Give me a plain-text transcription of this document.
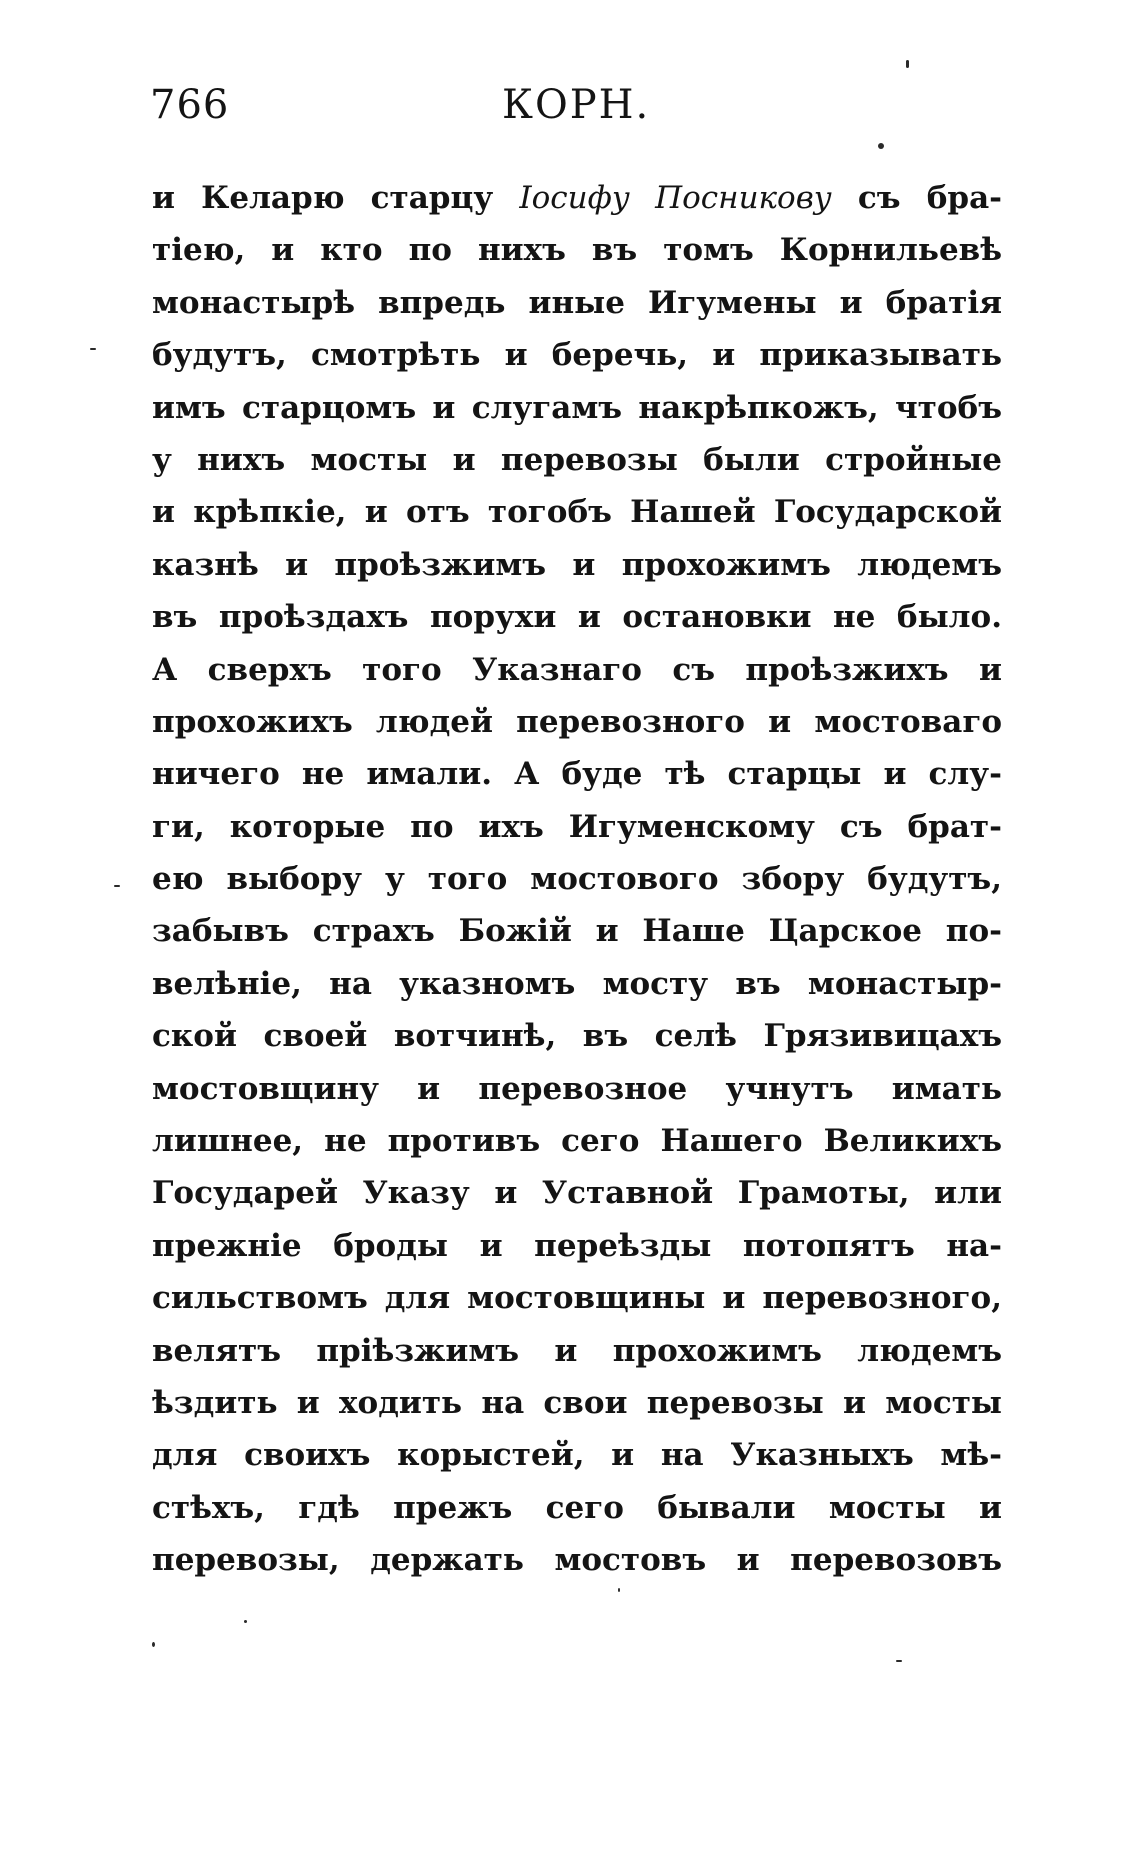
766	КОРН.
и Келарю старцу Іосифу Посникову съ бра-
тіею, и кто по нихъ въ томъ Корнильевѣ
монастырѣ впредь иные Игумены и братія
будутъ, смотрѣть и беречь, и приказывать
имъ старцомъ и слугамъ накрѣпкожъ, чтобъ
у нихъ мосты и перевозы были стройные
и крѣпкіе, и отъ тогобъ Нашей Государской
казнѣ и проѣзжимъ и прохожимъ людемъ
въ проѣздахъ порухи и остановки не было.
А сверхъ того Указнаго съ проѣзжихъ и
прохожихъ людей перевозного и мостоваго
ничего не имали. А буде тѣ старцы и слу-
ги, которые по ихъ Игуменскому съ брат-
ею выбору у того мостового збору будутъ,
забывъ страхъ Божій и Наше Царское по-
велѣніе, на указномъ мосту въ монастыр-
ской своей вотчинѣ, въ селѣ Грязивицахъ
мостовщину и перевозное учнутъ имать
лишнее, не противъ сего Нашего Великихъ
Государей Указу и Уставной Грамоты, или
прежніе броды и переѣзды потопятъ на-
сильствомъ для мостовщины и перевозного,
велятъ пріѣзжимъ и прохожимъ людемъ
ѣздить и ходить на свои перевозы и мосты
для своихъ корыстей, и на Указныхъ мѣ-
стѣхъ, гдѣ прежъ сего бывали мосты и
перевозы, держать мостовъ и перевозовъ
